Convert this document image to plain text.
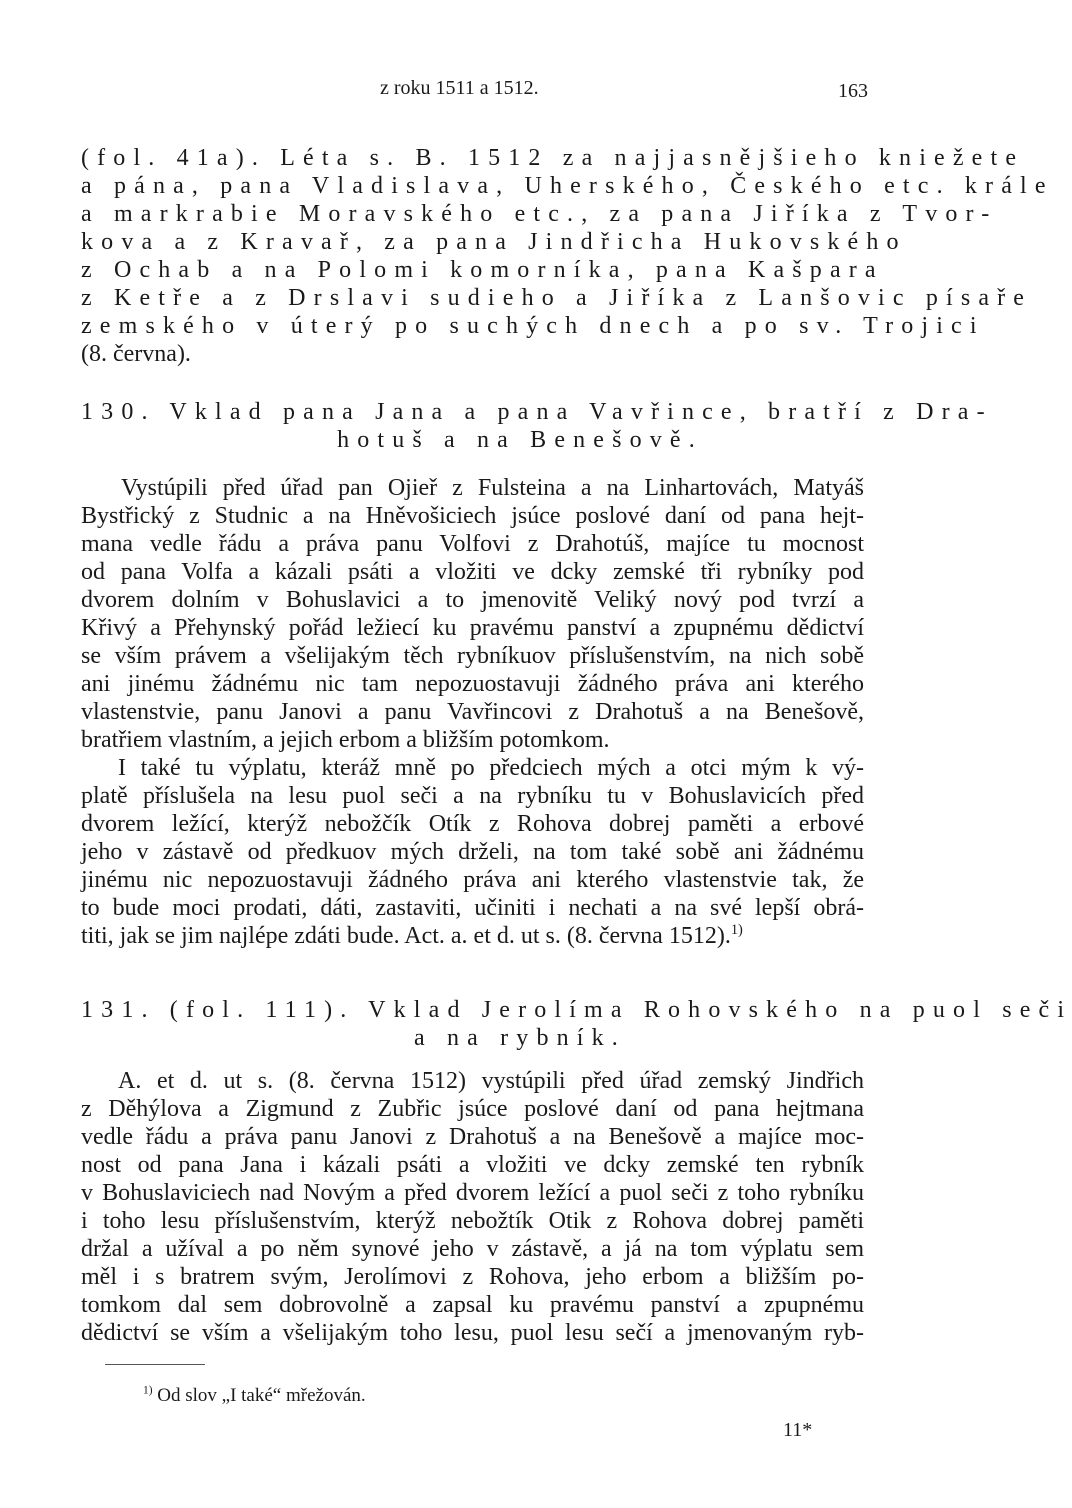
z roku 1511 a 1512.	163
(fol. 41a). Léta s. B. 1512 za najjasnějšieho kniežete
a pána, pana Vladislava, Uherského, Českého etc. krále
a markrabie Moravského etc., za pana Jiříka z Tvor-
kova a z Kravař, za pana Jindřicha Hukovského
z Ochab a na Polomi komorníka, pana Kašpara
z Ketře a z Drslavi sudieho a Jiříka z Lanšovic písaře
zemského v úterý po suchých dnech a po sv. Trojici
(8. června).
130. Vklad pana Jana a pana Vavřince, bratří z Dra-
hotuš a na Benešově.
Vystúpili před úřad pan Ojieř z Fulsteina a na Linhartovách, Matyáš
Bystřický z Studnic a na Hněvošiciech jsúce poslové daní od pana hejt-
mana vedle řádu a práva panu Volfovi z Drahotúš, majíce tu mocnost
od pana Volfa a kázali psáti a vložiti ve dcky zemské tři rybníky pod
dvorem dolním v Bohuslavici a to jmenovitě Veliký nový pod tvrzí a
Křivý a Přehynský pořád ležiecí ku pravému panství a zpupnému dědictví
se vším právem a všelijakým těch rybníkuov příslušenstvím, na nich sobě
ani jinému žádnému nic tam nepozuostavuji žádného práva ani kterého
vlastenstvie, panu Janovi a panu Vavřincovi z Drahotuš a na Benešově,
bratřiem vlastním, a jejich erbom a bližším potomkom.
I také tu výplatu, kteráž mně po předciech mých a otci mým k vý-
platě příslušela na lesu puol seči a na rybníku tu v Bohuslavicích před
dvorem ležící, kterýž nebožčík Otík z Rohova dobrej paměti a erbové
jeho v zástavě od předkuov mých drželi, na tom také sobě ani žádnému
jinému nic nepozuostavuji žádného práva ani kterého vlastenstvie tak, že
to bude moci prodati, dáti, zastaviti, učiniti i nechati a na své lepší obrá-
titi, jak se jim najlépe zdáti bude. Act. a. et d. ut s. (8. června 1512).$^{1)}$
131. (fol. 111). Vklad Jerolíma Rohovského na puol seči
a na rybník.
A. et d. ut s. (8. června 1512) vystúpili před úřad zemský Jindřich
z Děhýlova a Zigmund z Zubřic jsúce poslové daní od pana hejtmana
vedle řádu a práva panu Janovi z Drahotuš a na Benešově a majíce moc-
nost od pana Jana i kázali psáti a vložiti ve dcky zemské ten rybník
v Bohuslaviciech nad Novým a před dvorem ležící a puol seči z toho rybníku
i toho lesu příslušenstvím, kterýž nebožtík Otik z Rohova dobrej paměti
držal a užíval a po něm synové jeho v zástavě, a já na tom výplatu sem
měl i s bratrem svým, Jerolímovi z Rohova, jeho erbom a bližším po-
tomkom dal sem dobrovolně a zapsal ku pravému panství a zpupnému
dědictví se vším a všelijakým toho lesu, puol lesu sečí a jmenovaným ryb-
$^{1)}$ Od slov „I také“ mřežován.
11*
